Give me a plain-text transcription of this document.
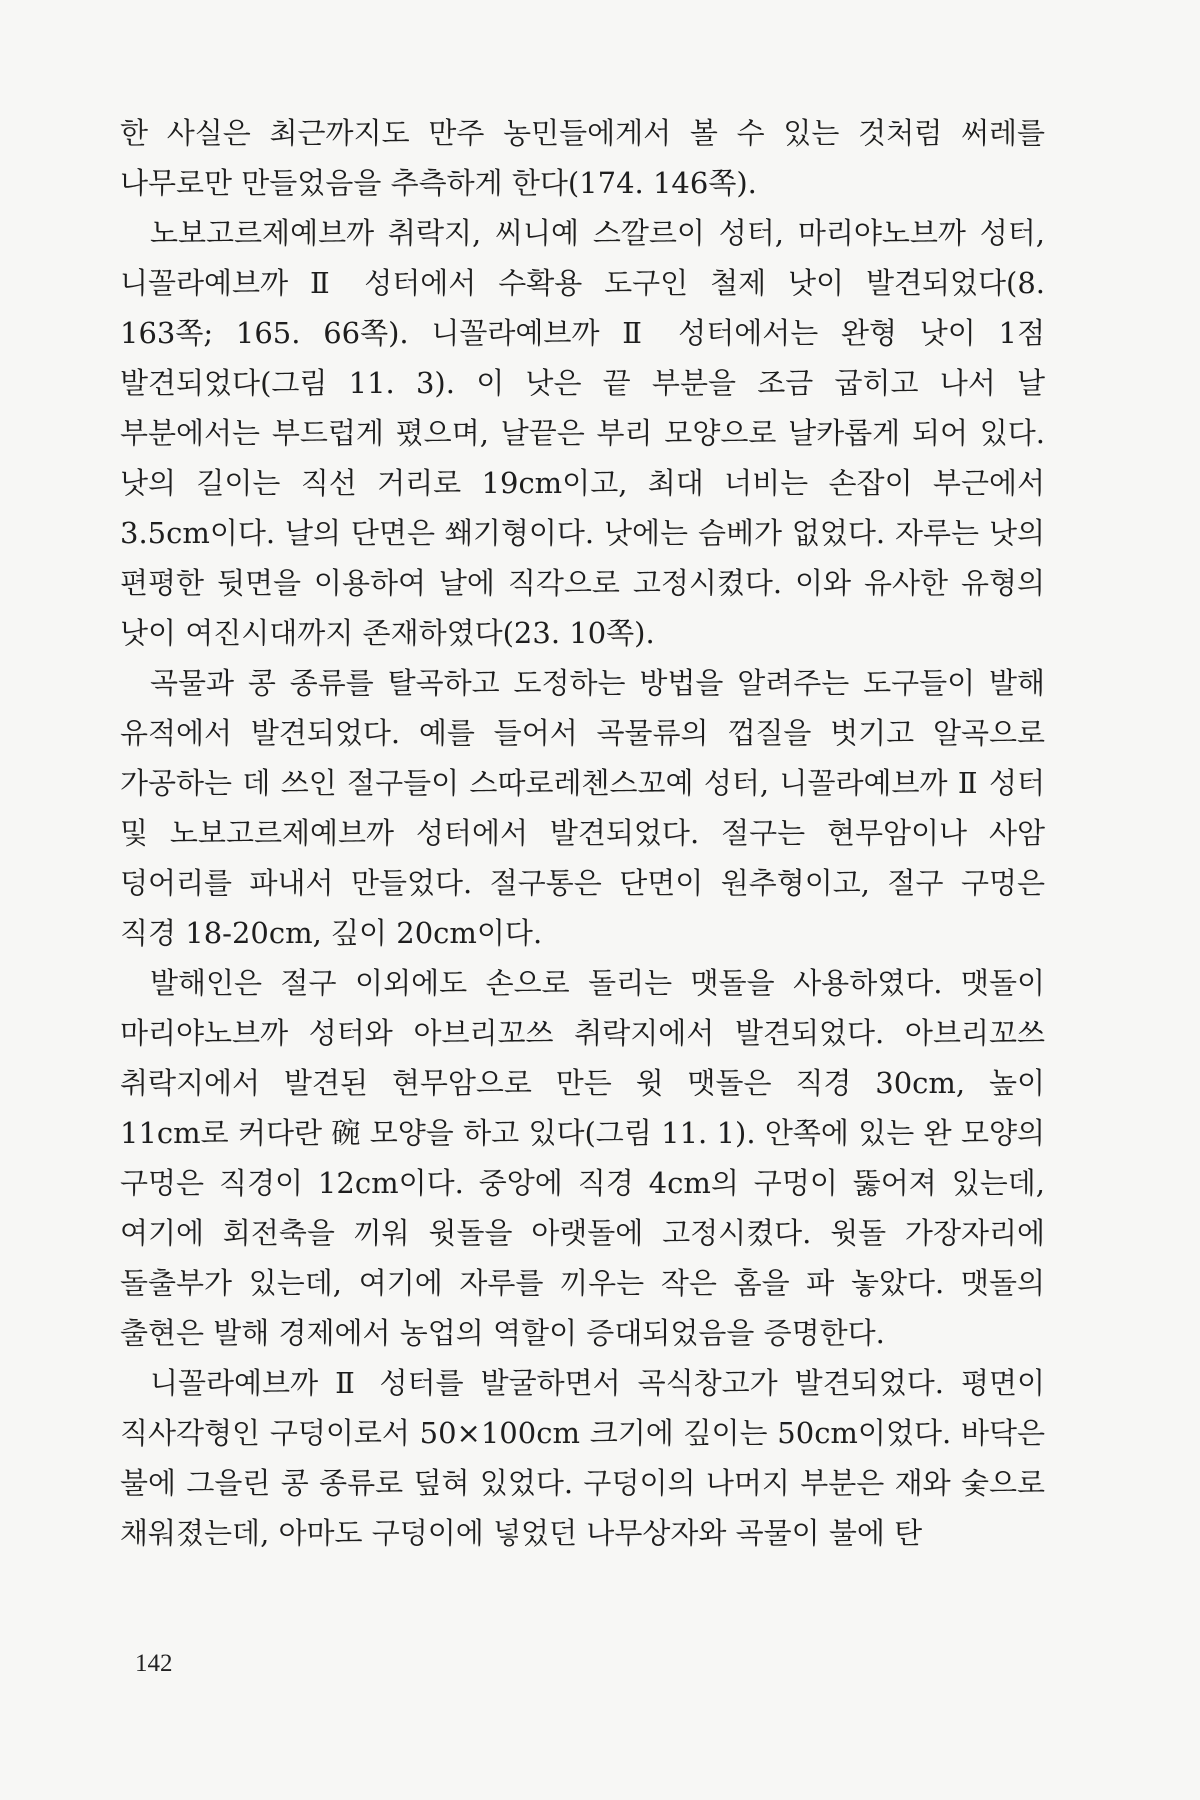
한 사실은 최근까지도 만주 농민들에게서 볼 수 있는 것처럼 써레를 나무로만 만들었음을 추측하게 한다(174. 146쪽).

노보고르제예브까 취락지, 씨니예 스깔르이 성터, 마리야노브까 성터, 니꼴라예브까 Ⅱ 성터에서 수확용 도구인 철제 낫이 발견되었다(8. 163쪽; 165. 66쪽). 니꼴라예브까 Ⅱ 성터에서는 완형 낫이 1점 발견되었다(그림 11. 3). 이 낫은 끝 부분을 조금 굽히고 나서 날 부분에서는 부드럽게 폈으며, 날끝은 부리 모양으로 날카롭게 되어 있다. 낫의 길이는 직선 거리로 19cm이고, 최대 너비는 손잡이 부근에서 3.5cm이다. 날의 단면은 쐐기형이다. 낫에는 슴베가 없었다. 자루는 낫의 편평한 뒷면을 이용하여 날에 직각으로 고정시켰다. 이와 유사한 유형의 낫이 여진시대까지 존재하였다(23. 10쪽).

곡물과 콩 종류를 탈곡하고 도정하는 방법을 알려주는 도구들이 발해 유적에서 발견되었다. 예를 들어서 곡물류의 껍질을 벗기고 알곡으로 가공하는 데 쓰인 절구들이 스따로레첸스꼬예 성터, 니꼴라예브까 Ⅱ 성터 및 노보고르제예브까 성터에서 발견되었다. 절구는 현무암이나 사암 덩어리를 파내서 만들었다. 절구통은 단면이 원추형이고, 절구 구멍은 직경 18-20cm, 깊이 20cm이다.

발해인은 절구 이외에도 손으로 돌리는 맷돌을 사용하였다. 맷돌이 마리야노브까 성터와 아브리꼬쓰 취락지에서 발견되었다. 아브리꼬쓰 취락지에서 발견된 현무암으로 만든 윗 맷돌은 직경 30cm, 높이 11cm로 커다란 碗 모양을 하고 있다(그림 11. 1). 안쪽에 있는 완 모양의 구멍은 직경이 12cm이다. 중앙에 직경 4cm의 구멍이 뚫어져 있는데, 여기에 회전축을 끼워 윗돌을 아랫돌에 고정시켰다. 윗돌 가장자리에 돌출부가 있는데, 여기에 자루를 끼우는 작은 홈을 파 놓았다. 맷돌의 출현은 발해 경제에서 농업의 역할이 증대되었음을 증명한다.

니꼴라예브까 Ⅱ 성터를 발굴하면서 곡식창고가 발견되었다. 평면이 직사각형인 구덩이로서 50×100cm 크기에 깊이는 50cm이었다. 바닥은 불에 그을린 콩 종류로 덮혀 있었다. 구덩이의 나머지 부분은 재와 숯으로 채워졌는데, 아마도 구덩이에 넣었던 나무상자와 곡물이 불에 탄

142
